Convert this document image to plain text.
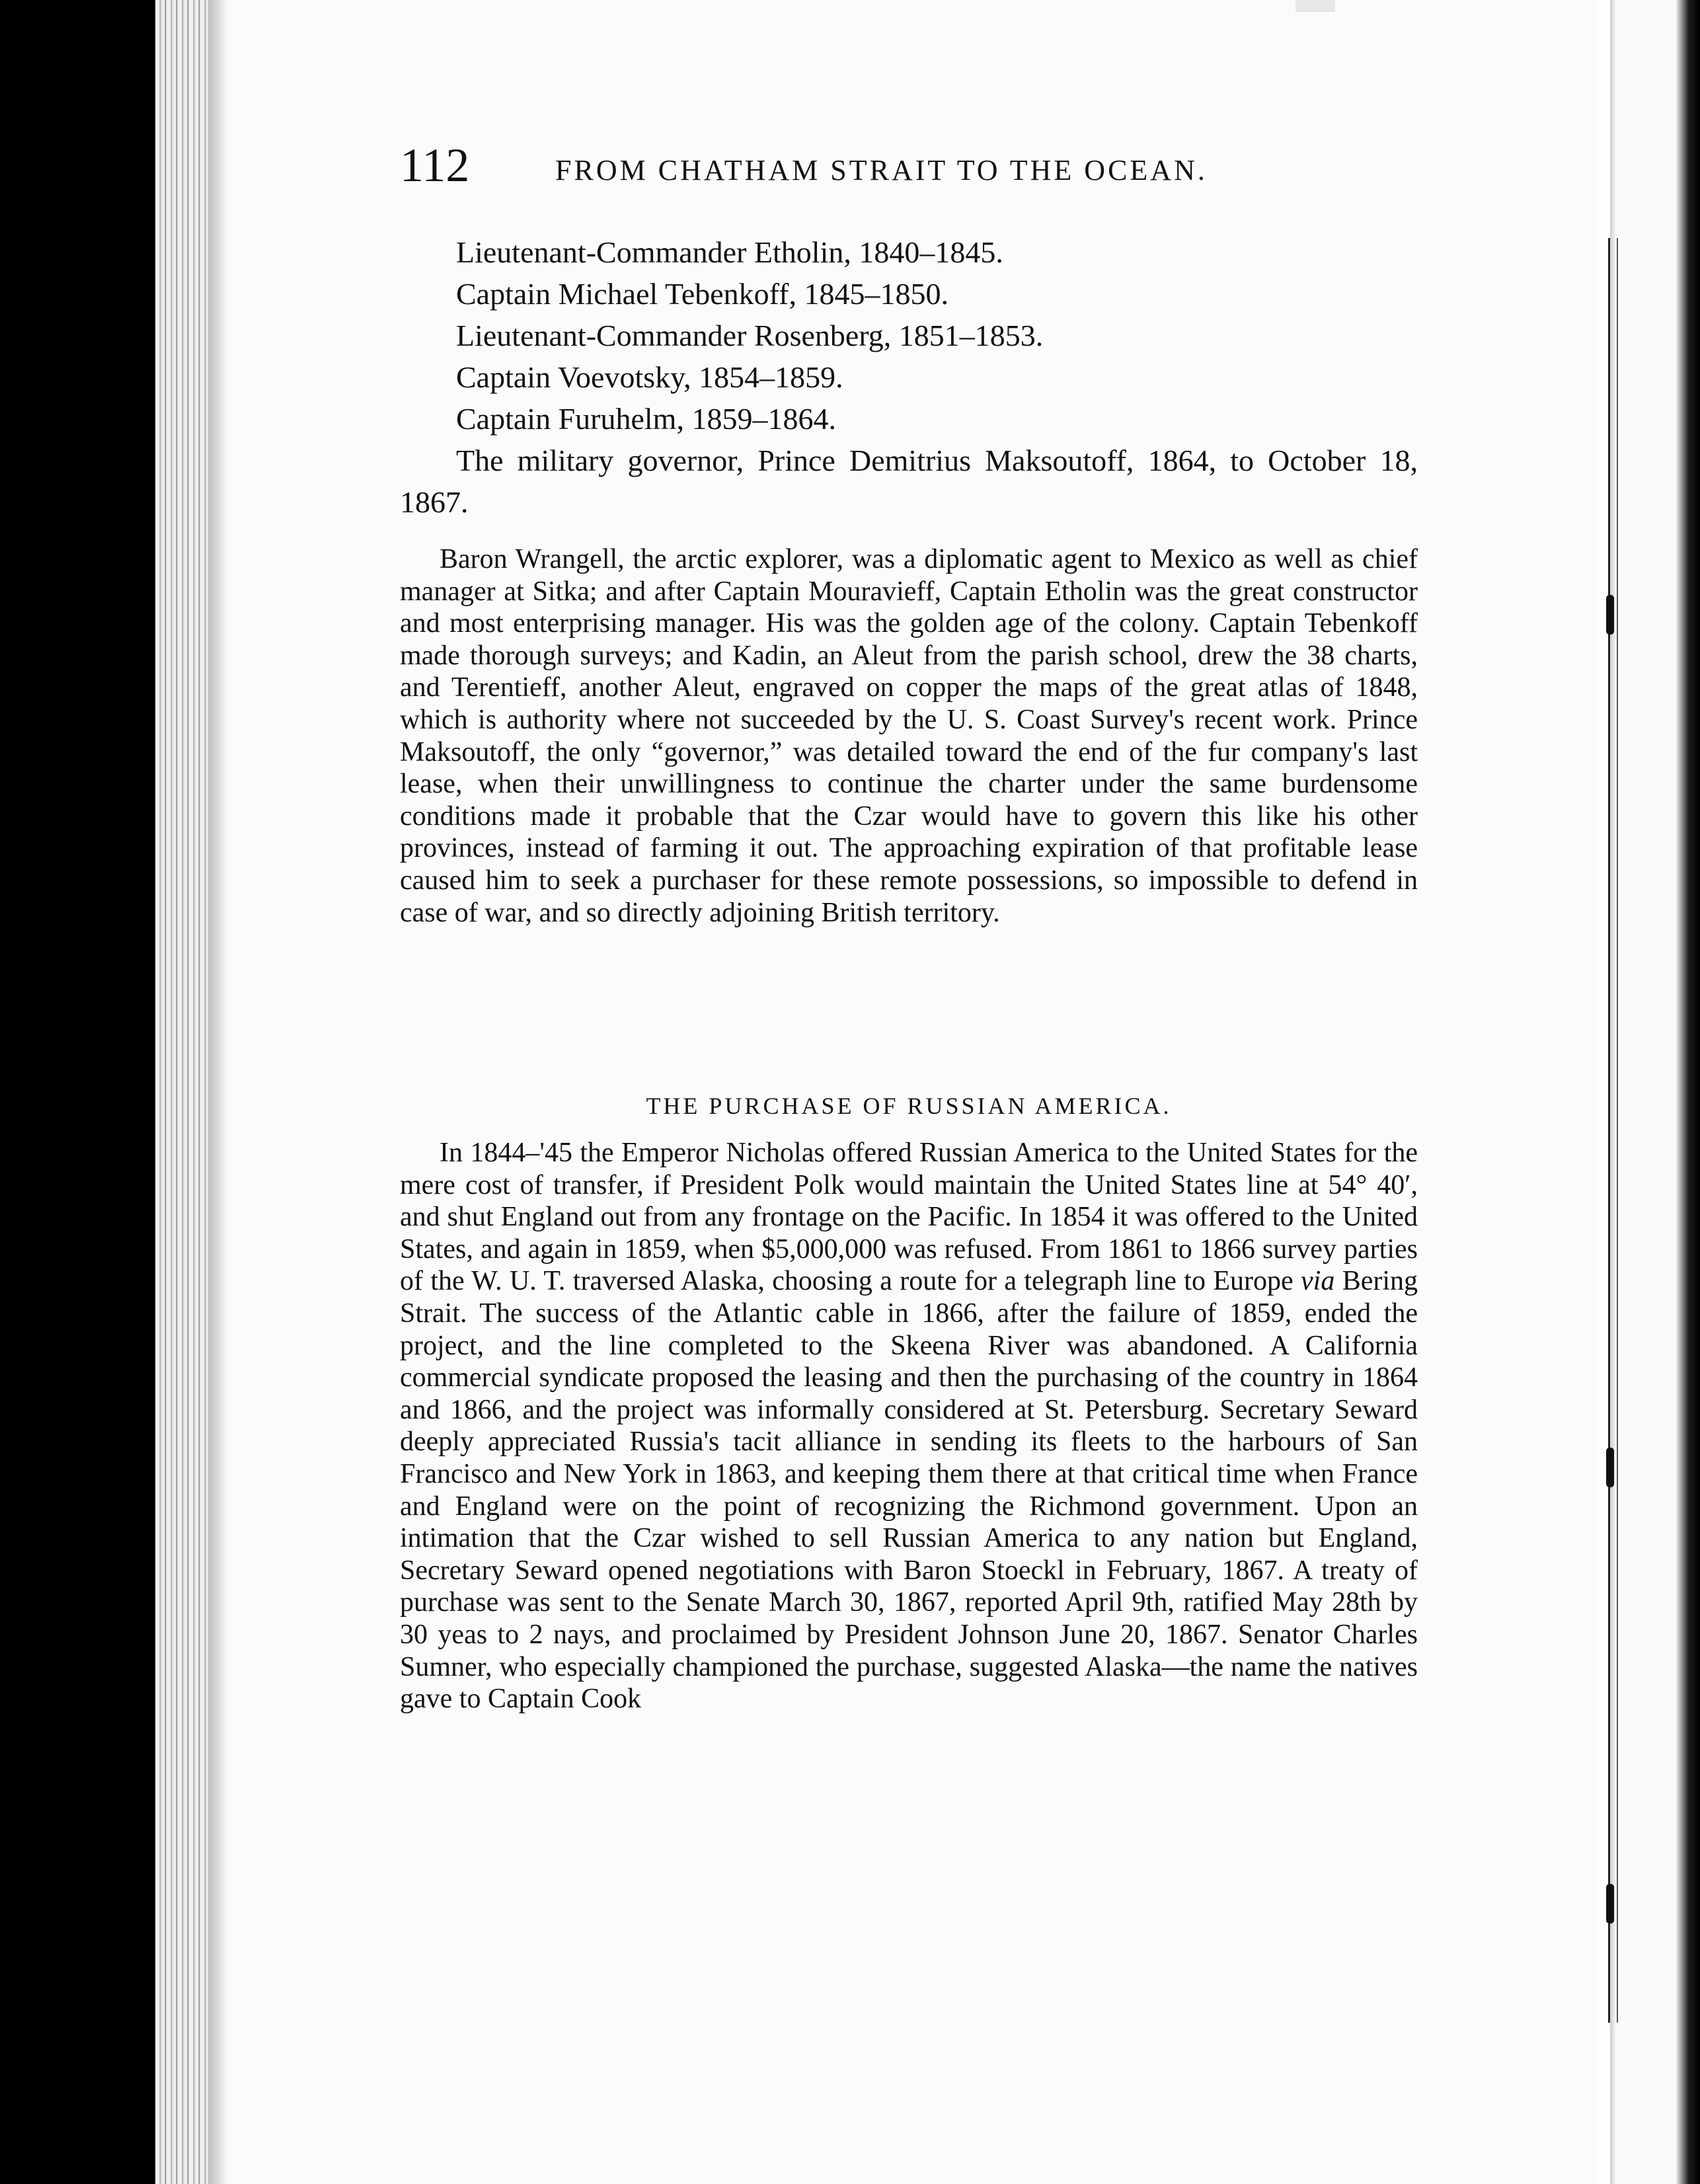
112	FROM CHATHAM STRAIT TO THE OCEAN.
Lieutenant-Commander Etholin, 1840–1845.
Captain Michael Tebenkoff, 1845–1850.
Lieutenant-Commander Rosenberg, 1851–1853.
Captain Voevotsky, 1854–1859.
Captain Furuhelm, 1859–1864.
The military governor, Prince Demitrius Maksoutoff, 1864, to October 18, 1867.

Baron Wrangell, the arctic explorer, was a diplomatic agent to Mexico as well as chief manager at Sitka; and after Captain Mouravieff, Captain Etholin was the great constructor and most enterprising manager. His was the golden age of the colony. Captain Tebenkoff made thorough surveys; and Kadin, an Aleut from the parish school, drew the 38 charts, and Terentieff, another Aleut, engraved on copper the maps of the great atlas of 1848, which is authority where not succeeded by the U. S. Coast Survey's recent work. Prince Maksoutoff, the only “governor,” was detailed toward the end of the fur company's last lease, when their unwillingness to continue the charter under the same burdensome conditions made it probable that the Czar would have to govern this like his other provinces, instead of farming it out. The approaching expiration of that profitable lease caused him to seek a purchaser for these remote possessions, so impossible to defend in case of war, and so directly adjoining British territory.

THE PURCHASE OF RUSSIAN AMERICA.

In 1844–'45 the Emperor Nicholas offered Russian America to the United States for the mere cost of transfer, if President Polk would maintain the United States line at 54° 40′, and shut England out from any frontage on the Pacific. In 1854 it was offered to the United States, and again in 1859, when $5,000,000 was refused. From 1861 to 1866 survey parties of the W. U. T. traversed Alaska, choosing a route for a telegraph line to Europe via Bering Strait. The success of the Atlantic cable in 1866, after the failure of 1859, ended the project, and the line completed to the Skeena River was abandoned. A California commercial syndicate proposed the leasing and then the purchasing of the country in 1864 and 1866, and the project was informally considered at St. Petersburg. Secretary Seward deeply appreciated Russia's tacit alliance in sending its fleets to the harbours of San Francisco and New York in 1863, and keeping them there at that critical time when France and England were on the point of recognizing the Richmond government. Upon an intimation that the Czar wished to sell Russian America to any nation but England, Secretary Seward opened negotiations with Baron Stoeckl in February, 1867. A treaty of purchase was sent to the Senate March 30, 1867, reported April 9th, ratified May 28th by 30 yeas to 2 nays, and proclaimed by President Johnson June 20, 1867. Senator Charles Sumner, who especially championed the purchase, suggested Alaska—the name the natives gave to Captain Cook
